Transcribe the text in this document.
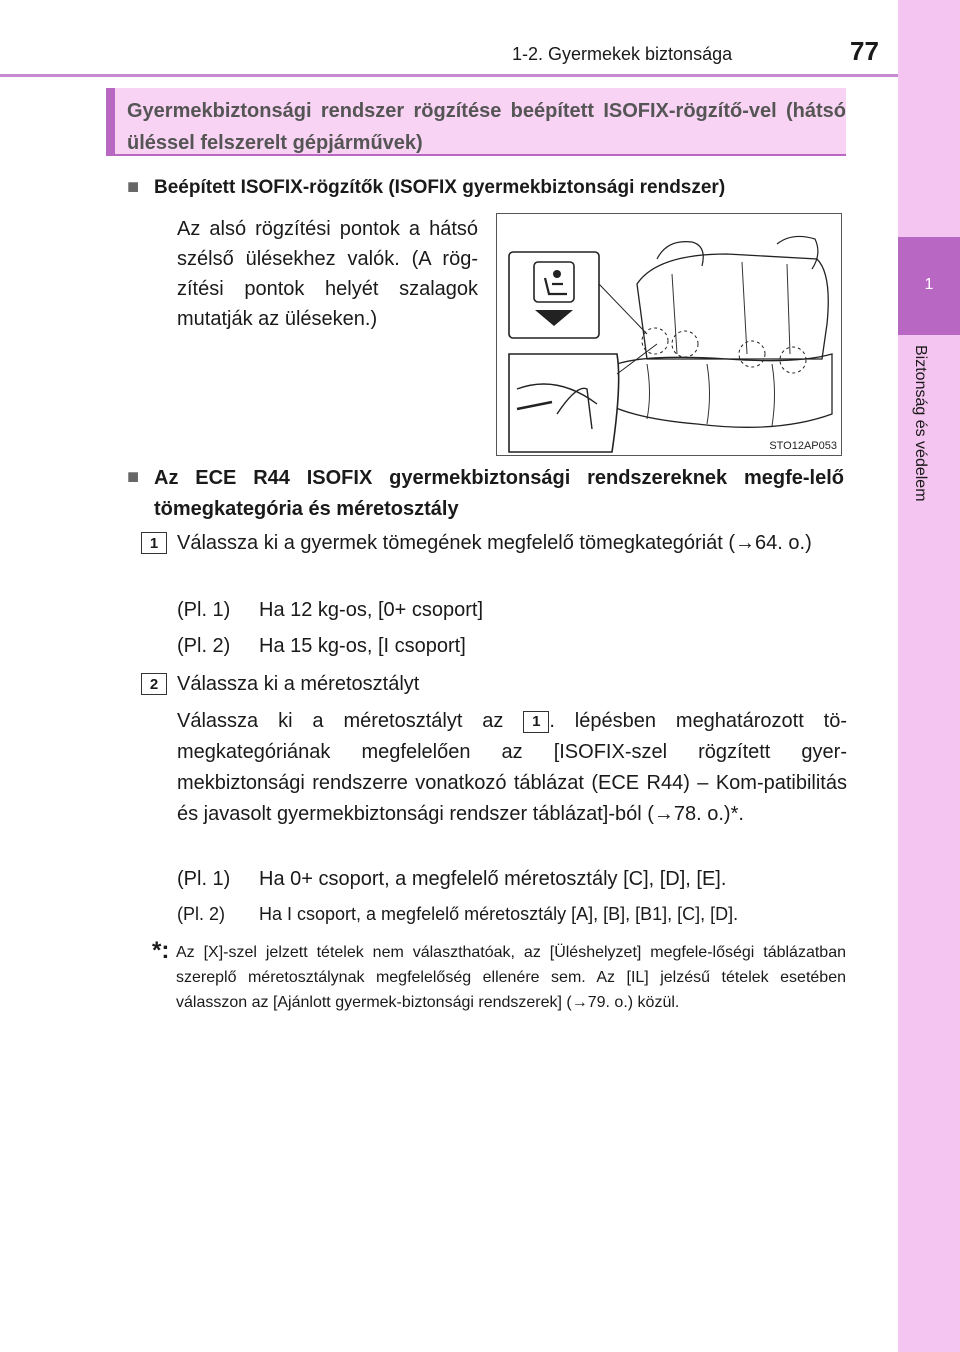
1-2. Gyermekek biztonsága	77
1
Biztonság és védelem
Gyermekbiztonsági rendszer rögzítése beépített ISOFIX-rögzítő-vel (hátsó üléssel felszerelt gépjárművek)
■ Beépített ISOFIX-rögzítők (ISOFIX gyermekbiztonsági rendszer)
Az alsó rögzítési pontok a hátsó szélső ülésekhez valók. (A rög-zítési pontok helyét szalagok mutatják az üléseken.)
STO12AP053
■ Az ECE R44 ISOFIX gyermekbiztonsági rendszereknek megfe-lelő tömegkategória és méretosztály
1 Válassza ki a gyermek tömegének megfelelő tömegkategóriát (→64. o.)
(Pl. 1) Ha 12 kg-os, [0+ csoport]
(Pl. 2) Ha 15 kg-os, [I csoport]
2 Válassza ki a méretosztályt
Válassza ki a méretosztályt az 1 . lépésben meghatározott tö-megkategóriának megfelelően az [ISOFIX-szel rögzített gyer-mekbiztonsági rendszerre vonatkozó táblázat (ECE R44) – Kom-patibilitás és javasolt gyermekbiztonsági rendszer táblázat]-ból (→78. o.)*.
(Pl. 1) Ha 0+ csoport, a megfelelő méretosztály [C], [D], [E].
(Pl. 2) Ha I csoport, a megfelelő méretosztály [A], [B], [B1], [C], [D].
*: Az [X]-szel jelzett tételek nem választhatóak, az [Üléshelyzet] megfele-lőségi táblázatban szereplő méretosztálynak megfelelőség ellenére sem. Az [IL] jelzésű tételek esetében válasszon az [Ajánlott gyermek-biztonsági rendszerek] (→79. o.) közül.
